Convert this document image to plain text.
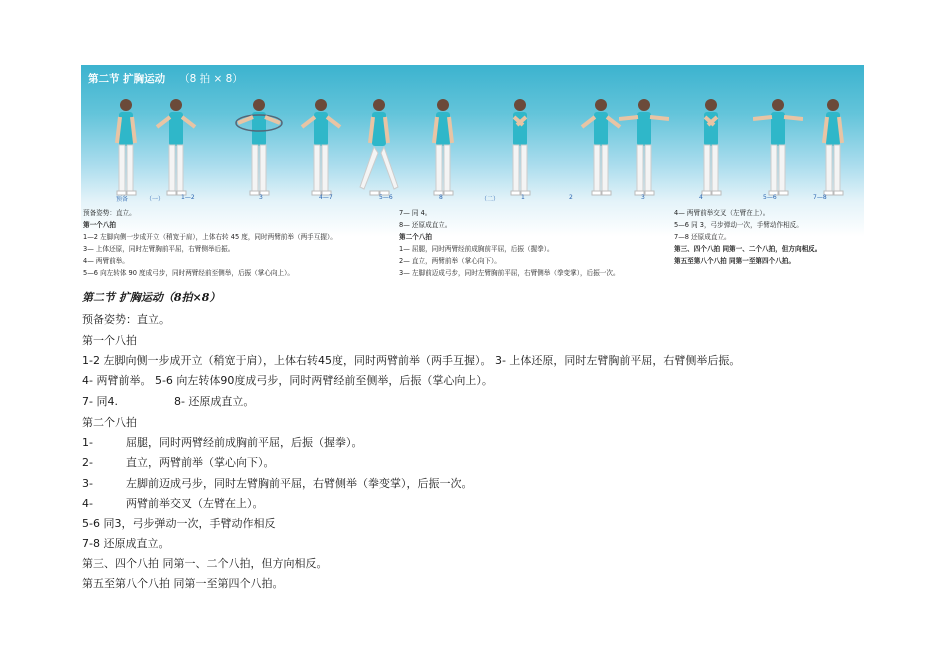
第二节 扩胸运动 （8 拍 × 8）
预备	（一）	1—2	3	4—7	5—6	8	（二）	1	2	3	4	5—6	7—8
预备姿势：直立。
第一个八拍
1—2 左脚向侧一步成开立（稍宽于肩），上体右转 45 度，同时两臂前举（两手互握）。
3— 上体还原，同时左臂胸前平屈，右臂侧举后振。
4— 两臂前举。
5—6 向左转体 90 度成弓步，同时两臂经前至侧举，后振（掌心向上）。
7— 同 4。
8— 还原成直立。
第二个八拍
1— 屈腿，同时两臂经前成胸前平屈，后振（握拳）。
2— 直立，两臂前举（掌心向下）。
3— 左脚前迈成弓步，同时左臂胸前平屈，右臂侧举（拳变掌），后振一次。
4— 两臂前举交叉（左臂在上）。
5—6 同 3，弓步弹动一次，手臂动作相反。
7—8 还原成直立。
第三、四个八拍 同第一、二个八拍，但方向相反。
第五至第八个八拍 同第一至第四个八拍。
第二节 扩胸运动（8拍×8）
预备姿势：直立。
第一个八拍
1-2 左脚向侧一步成开立（稍宽于肩），上体右转45度，同时两臂前举（两手互握）。 3- 上体还原，同时左臂胸前平屈，右臂侧举后振。
4- 两臂前举。 5-6 向左转体90度成弓步，同时两臂经前至侧举，后振（掌心向上）。
7- 同4.	8- 还原成直立。
第二个八拍
1-	屈腿，同时两臂经前成胸前平屈，后振（握拳）。
2-	直立，两臂前举（掌心向下）。
3-	左脚前迈成弓步，同时左臂胸前平屈，右臂侧举（拳变掌），后振一次。
4-	两臂前举交叉（左臂在上）。
5-6 同3，弓步弹动一次，手臂动作相反
7-8 还原成直立。
第三、四个八拍 同第一、二个八拍，但方向相反。
第五至第八个八拍 同第一至第四个八拍。
